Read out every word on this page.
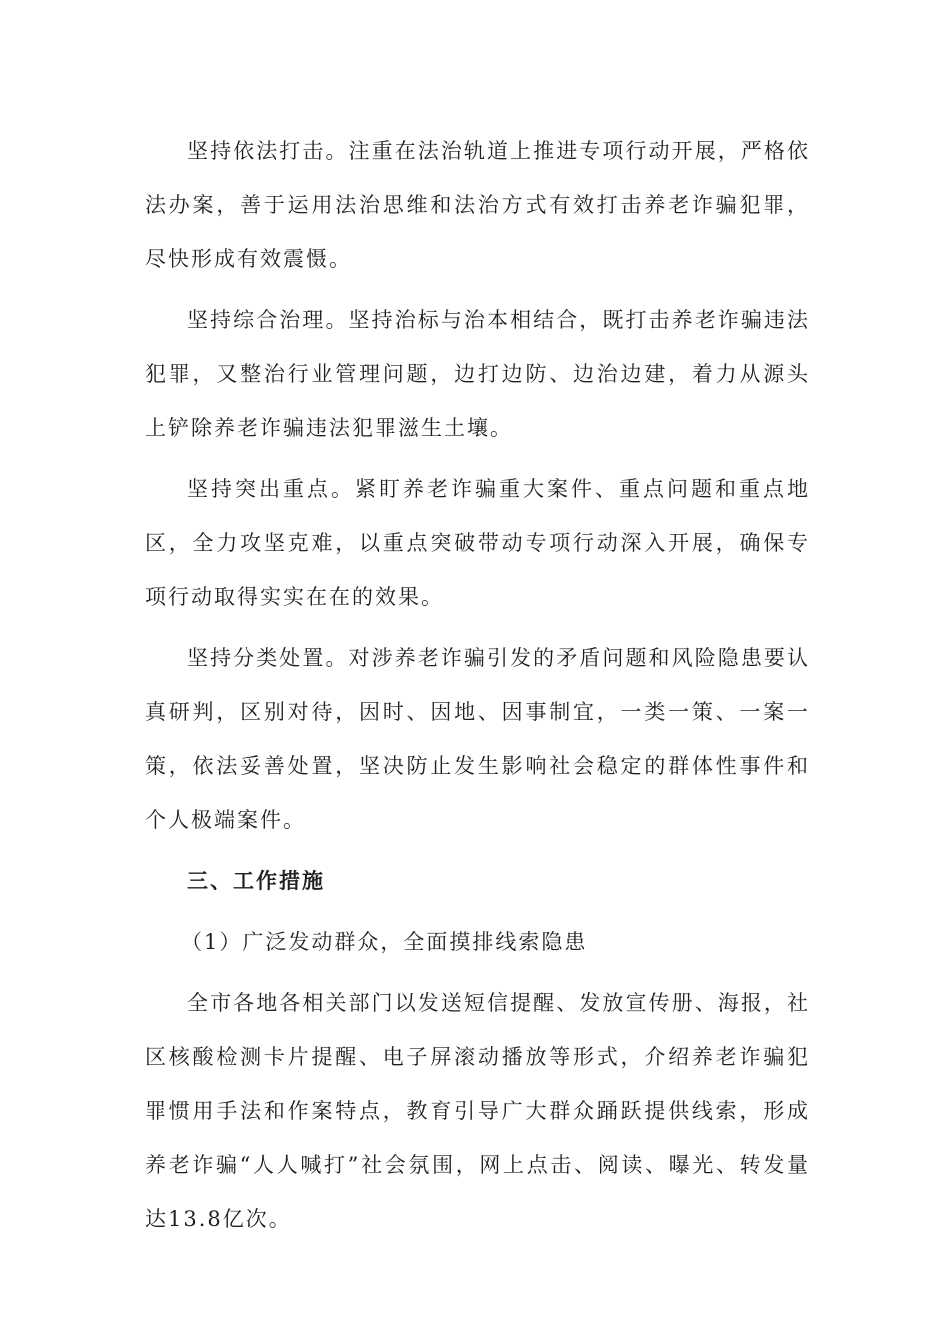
坚持依法打击。注重在法治轨道上推进专项行动开展，严格依法办案，善于运用法治思维和法治方式有效打击养老诈骗犯罪，尽快形成有效震慑。

坚持综合治理。坚持治标与治本相结合，既打击养老诈骗违法犯罪，又整治行业管理问题，边打边防、边治边建，着力从源头上铲除养老诈骗违法犯罪滋生土壤。

坚持突出重点。紧盯养老诈骗重大案件、重点问题和重点地区，全力攻坚克难，以重点突破带动专项行动深入开展，确保专项行动取得实实在在的效果。

坚持分类处置。对涉养老诈骗引发的矛盾问题和风险隐患要认真研判，区别对待，因时、因地、因事制宜，一类一策、一案一策，依法妥善处置，坚决防止发生影响社会稳定的群体性事件和个人极端案件。

三、工作措施

（1）广泛发动群众，全面摸排线索隐患

全市各地各相关部门以发送短信提醒、发放宣传册、海报，社区核酸检测卡片提醒、电子屏滚动播放等形式，介绍养老诈骗犯罪惯用手法和作案特点，教育引导广大群众踊跃提供线索，形成养老诈骗“人人喊打”社会氛围，网上点击、阅读、曝光、转发量达13.8亿次。
